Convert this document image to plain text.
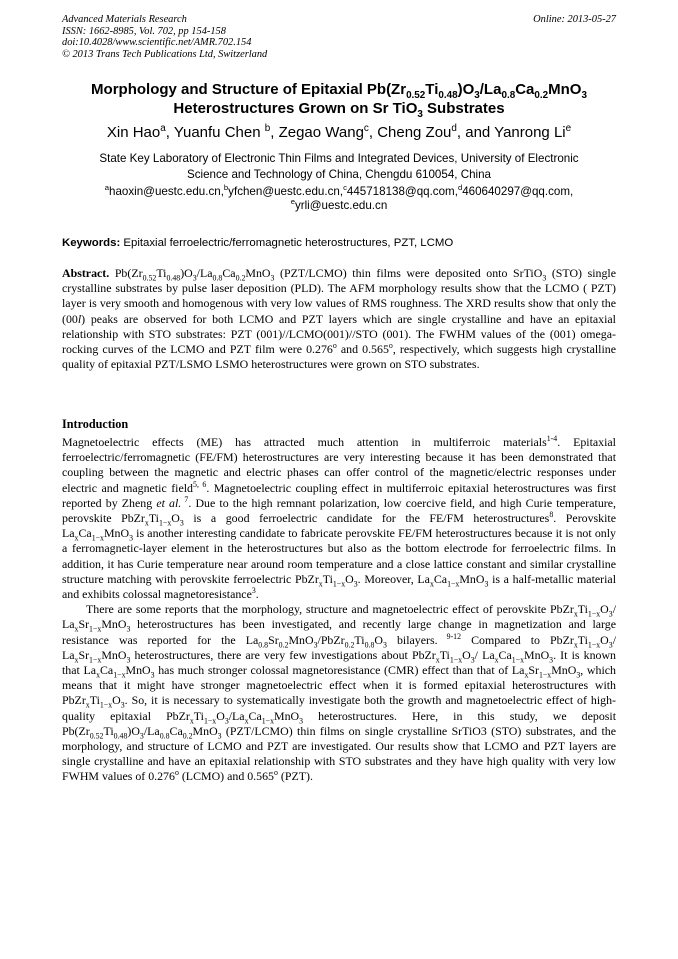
Advanced Materials Research
ISSN: 1662-8985, Vol. 702, pp 154-158
doi:10.4028/www.scientific.net/AMR.702.154
© 2013 Trans Tech Publications Ltd, Switzerland
Online: 2013-05-27
Morphology and Structure of Epitaxial $Pb(Zr_{0.52}Ti_{0.48})O_3/La_{0.8}Ca_{0.2}MnO_3$
Heterostructures Grown on Sr TiO$_3$ Substrates
Xin Hao$^a$, Yuanfu Chen $^b$, Zegao Wang$^c$, Cheng Zou$^d$, and Yanrong Li$^e$
State Key Laboratory of Electronic Thin Films and Integrated Devices, University of Electronic
Science and Technology of China, Chengdu 610054, China
$^a$haoxin@uestc.edu.cn,$^b$yfchen@uestc.edu.cn,$^c$445718138@qq.com,$^d$460640297@qq.com,
$^e$yrli@uestc.edu.cn
Keywords: Epitaxial ferroelectric/ferromagnetic heterostructures, PZT, LCMO
Abstract. $Pb(Zr_{0.52}Ti_{0.48})O_3/La_{0.8}Ca_{0.2}MnO_3$ (PZT/LCMO) thin films were deposited onto SrTiO$_3$ (STO) single crystalline substrates by pulse laser deposition (PLD). The AFM morphology results show that the LCMO ( PZT) layer is very smooth and homogenous with very low values of RMS roughness. The XRD results show that only the (00l) peaks are observed for both LCMO and PZT layers which are single crystalline and have an epitaxial relationship with STO substrates: PZT (001)//LCMO(001)//STO (001). The FWHM values of the (001) omega-rocking curves of the LCMO and PZT film were 0.276$^o$ and 0.565$^o$, respectively, which suggests high crystalline quality of epitaxial PZT/LSMO LSMO heterostructures were grown on STO substrates.
Introduction

Magnetoelectric effects (ME) has attracted much attention in multiferroic materials$^{1-4}$. Epitaxial ferroelectric/ferromagnetic (FE/FM) heterostructures are very interesting because it has been demonstrated that coupling between the magnetic and electric phases can offer control of the magnetic/electric responses under electric and magnetic field$^{5, 6}$. Magnetoelectric coupling effect in multiferroic epitaxial heterostructures was first reported by Zheng et al. $^7$. Due to the high remnant polarization, low coercive field, and high Curie temperature, perovskite $PbZr_xTi_{1-x}O_3$ is a good ferroelectric candidate for the FE/FM heterostructures$^8$. Perovskite $La_xCa_{1-x}MnO_3$ is another interesting candidate to fabricate perovskite FE/FM heterostructures because it is not only a ferromagnetic-layer element in the heterostructures but also as the bottom electrode for ferroelectric films. In addition, it has Curie temperature near around room temperature and a close lattice constant and similar crystalline structure matching with perovskite ferroelectric $PbZr_xTi_{1-x}O_3$. Moreover, $La_xCa_{1-x}MnO_3$ is a half-metallic material and exhibits colossal magnetoresistance$^3$.

There are some reports that the morphology, structure and magnetoelectric effect of perovskite $PbZr_xTi_{1-x}O_3/$ $La_xSr_{1-x}MnO_3$ heterostructures has been investigated, and recently large change in magnetization and large resistance was reported for the $La_{0.8}Sr_{0.2}MnO_3/PbZr_{0.2}Ti_{0.8}O_3$ bilayers. $^{9-12}$ Compared to $PbZr_xTi_{1-x}O_3/$ $La_xSr_{1-x}MnO_3$ heterostructures, there are very few investigations about $PbZr_xTi_{1-x}O_3/$ $La_xCa_{1-x}MnO_3$. It is known that $La_xCa_{1-x}MnO_3$ has much stronger colossal magnetoresistance (CMR) effect than that of $La_xSr_{1-x}MnO_3$, which means that it might have stronger magnetoelectric effect when it is formed epitaxial heterostructures with $PbZr_xTi_{1-x}O_3$. So, it is necessary to systematically investigate both the growth and magnetoelectric effect of high-quality epitaxial $PbZr_xTi_{1-x}O_3/La_xCa_{1-x}MnO_3$ heterostructures. Here, in this study, we deposit $Pb(Zr_{0.52}Ti_{0.48})O_3/La_{0.8}Ca_{0.2}MnO_3$ (PZT/LCMO) thin films on single crystalline SrTiO3 (STO) substrates, and the morphology, and structure of LCMO and PZT are investigated. Our results show that LCMO and PZT layers are single crystalline and have an epitaxial relationship with STO substrates and they have high quality with very low FWHM values of 0.276$^o$ (LCMO) and 0.565$^o$ (PZT).
